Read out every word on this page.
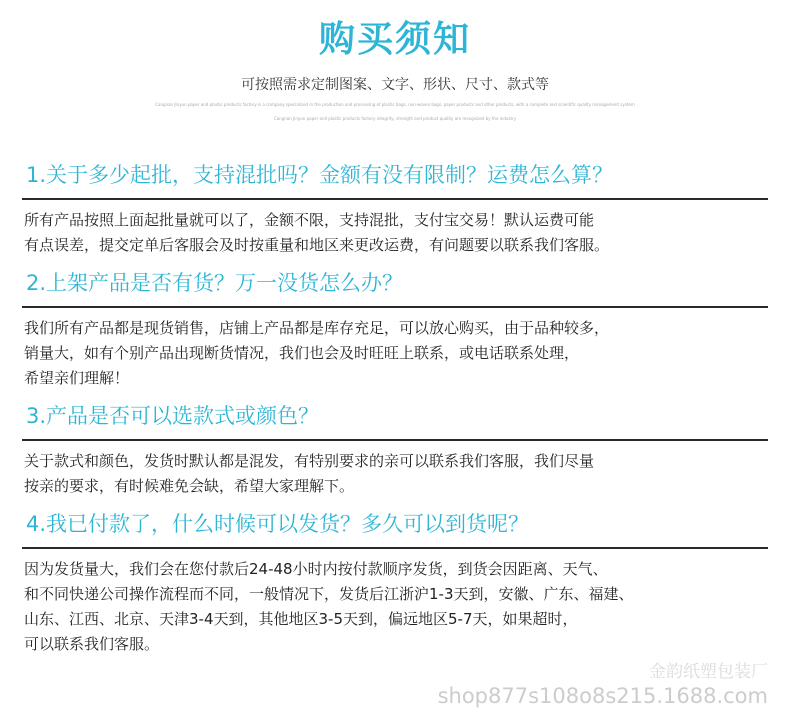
购买须知
可按照需求定制图案、文字、形状、尺寸、款式等
Cangnan Jinyun paper and plastic products factory is a company specialized in the production and processing of plastic bags, non-woven bags, paper products and other products, with a complete and scientific quality management system
Cangnan Jinyun paper and plastic products factory integrity, strength and product quality are recognized by the industry
1.关于多少起批，支持混批吗？金额有没有限制？运费怎么算？
所有产品按照上面起批量就可以了，金额不限，支持混批，支付宝交易！默认运费可能
有点误差，提交定单后客服会及时按重量和地区来更改运费，有问题要以联系我们客服。
2.上架产品是否有货？万一没货怎么办？
我们所有产品都是现货销售，店铺上产品都是库存充足，可以放心购买，由于品种较多，
销量大，如有个别产品出现断货情况，我们也会及时旺旺上联系，或电话联系处理，
希望亲们理解！
3.产品是否可以选款式或颜色？
关于款式和颜色，发货时默认都是混发，有特别要求的亲可以联系我们客服，我们尽量
按亲的要求，有时候难免会缺，希望大家理解下。
4.我已付款了，什么时候可以发货？多久可以到货呢？
因为发货量大，我们会在您付款后24-48小时内按付款顺序发货，到货会因距离、天气、
和不同快递公司操作流程而不同，一般情况下，发货后江浙沪1-3天到，安徽、广东、福建、
山东、江西、北京、天津3-4天到，其他地区3-5天到，偏远地区5-7天，如果超时，
可以联系我们客服。
金韵纸塑包装厂
shop877s108o8s215.1688.com
